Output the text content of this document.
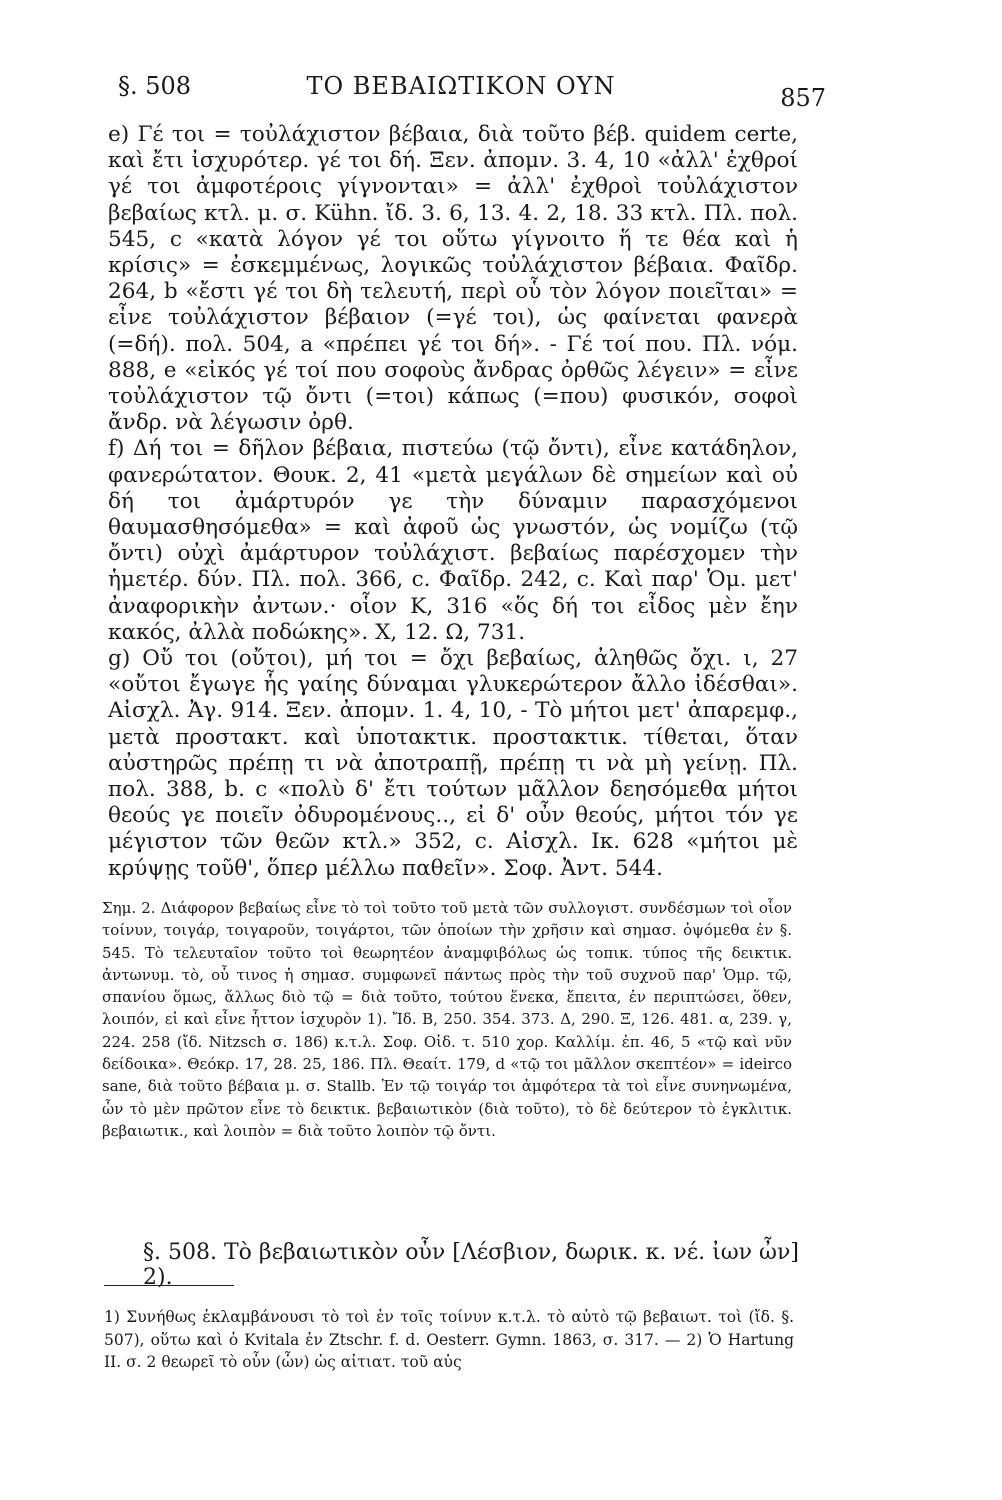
§. 508	ΤΟ ΒΕΒΑΙΩΤΙΚΟΝ ΟΥΝ	857

e) Γέ τοι = τοὐλάχιστον βέβαια, διὰ τοῦτο βέβ. quidem certe, καὶ ἔτι ἰσχυρότερ. γέ τοι δή. Ξεν. ἀπομν. 3. 4, 10 «ἀλλ' ἐχθροί γέ τοι ἀμφοτέροις γίγνονται» = ἀλλ' ἐχθροὶ τοὐλάχιστον βεβαίως κτλ. μ. σ. Kühn. ἴδ. 3. 6, 13. 4. 2, 18. 33 κτλ. Πλ. πολ. 545, c «κατὰ λόγον γέ τοι οὕτω γίγνοιτο ἥ τε θέα καὶ ἡ κρίσις» = ἐσκεμμένως, λογικῶς τοὐλάχιστον βέβαια. Φαῖδρ. 264, b «ἔστι γέ τοι δὴ τελευτή, περὶ οὗ τὸν λόγον ποιεῖται» = εἶνε τοὐλάχιστον βέβαιον (=γέ τοι), ὡς φαίνεται φανερὰ (=δή). πολ. 504, a «πρέπει γέ τοι δή». - Γέ τοί που. Πλ. νόμ. 888, e «εἰκός γέ τοί που σοφοὺς ἄνδρας ὀρθῶς λέγειν» = εἶνε τοὐλάχιστον τῷ ὄντι (=τοι) κάπως (=που) φυσικόν, σοφοὶ ἄνδρ. νὰ λέγωσιν ὀρθ.

f) Δή τοι = δῆλον βέβαια, πιστεύω (τῷ ὄντι), εἶνε κατάδηλον, φανερώτατον. Θουκ. 2, 41 «μετὰ μεγάλων δὲ σημείων καὶ οὐ δή τοι ἀμάρτυρόν γε τὴν δύναμιν παρασχόμενοι θαυμασθησόμεθα» = καὶ ἀφοῦ ὡς γνωστόν, ὡς νομίζω (τῷ ὄντι) οὐχὶ ἀμάρτυρον τοὐλάχιστ. βεβαίως παρέσχομεν τὴν ἡμετέρ. δύν. Πλ. πολ. 366, c. Φαῖδρ. 242, c. Καὶ παρ' Ὁμ. μετ' ἀναφορικὴν ἀντων.· οἷον Κ, 316 «ὅς δή τοι εἶδος μὲν ἔην κακός, ἀλλὰ ποδώκης». Χ, 12. Ω, 731.

g) Οὔ τοι (οὔτοι), μή τοι = ὄχι βεβαίως, ἀληθῶς ὄχι. ι, 27 «οὔτοι ἔγωγε ἧς γαίης δύναμαι γλυκερώτερον ἄλλο ἰδέσθαι». Αἰσχλ. Ἀγ. 914. Ξεν. ἀπομν. 1. 4, 10, - Τὸ μήτοι μετ' ἀπαρεμφ., μετὰ προστακτ. καὶ ὑποτακτικ. προστακτικ. τίθεται, ὅταν αὐστηρῶς πρέπῃ τι νὰ ἀποτραπῇ, πρέπῃ τι νὰ μὴ γείνῃ. Πλ. πολ. 388, b. c «πολὺ δ' ἔτι τούτων μᾶλλον δεησόμεθα μήτοι θεούς γε ποιεῖν ὀδυρομένους.., εἰ δ' οὖν θεούς, μήτοι τόν γε μέγιστον τῶν θεῶν κτλ.» 352, c. Αἰσχλ. Ικ. 628 «μήτοι μὲ κρύψῃς τοῦθ', ὅπερ μέλλω παθεῖν». Σοφ. Ἀντ. 544.

Σημ. 2. Διάφορον βεβαίως εἶνε τὸ τοὶ τοῦτο τοῦ μετὰ τῶν συλλογιστ. συνδέσμων τοὶ οἷον τοίνυν, τοιγάρ, τοιγαροῦν, τοιγάρτοι, τῶν ὁποίων τὴν χρῆσιν καὶ σημασ. ὀψόμεθα ἐν §. 545. Τὸ τελευταῖον τοῦτο τοὶ θεωρητέον ἀναμφιβόλως ὡς τοπικ. τύπος τῆς δεικτικ. ἀντωνυμ. τὸ, οὗ τινος ἡ σημασ. συμφωνεῖ πάντως πρὸς τὴν τοῦ συχνοῦ παρ' Ὁμρ. τῷ, σπανίου ὅμως, ἄλλως διὸ τῷ = διὰ τοῦτο, τούτου ἕνεκα, ἔπειτα, ἐν περιπτώσει, ὅθεν, λοιπόν, εἰ καὶ εἶνε ἧττον ἰσχυρὸν 1). Ἴδ. Β, 250. 354. 373. Δ, 290. Ξ, 126. 481. α, 239. γ, 224. 258 (ἴδ. Nitzsch σ. 186) κ.τ.λ. Σοφ. Οἰδ. τ. 510 χορ. Καλλίμ. ἐπ. 46, 5 «τῷ καὶ νῦν δείδοικα». Θεόκρ. 17, 28. 25, 186. Πλ. Θεαίτ. 179, d «τῷ τοι μᾶλλον σκεπτέον» = ideirco sane, διὰ τοῦτο βέβαια μ. σ. Stallb. Ἐν τῷ τοιγάρ τοι ἀμφότερα τὰ τοὶ εἶνε συνηνωμένα, ὧν τὸ μὲν πρῶτον εἶνε τὸ δεικτικ. βεβαιωτικὸν (διὰ τοῦτο), τὸ δὲ δεύτερον τὸ ἐγκλιτικ. βεβαιωτικ., καὶ λοιπὸν = διὰ τοῦτο λοιπὸν τῷ ὄντι.

§. 508. Τὸ βεβαιωτικὸν οὖν [Λέσβιον, δωρικ. κ. νέ. ἰων ὦν] 2).

1) Συνήθως ἐκλαμβάνουσι τὸ τοὶ ἐν τοῖς τοίνυν κ.τ.λ. τὸ αὐτὸ τῷ βεβαιωτ. τοὶ (ἴδ. §. 507), οὕτω καὶ ὁ Kvitala ἐν Ztschr. f. d. Oesterr. Gymn. 1863, σ. 317. — 2) Ὁ Hartung II. σ. 2 θεωρεῖ τὸ οὖν (ὦν) ὡς αἰτιατ. τοῦ αὐς
